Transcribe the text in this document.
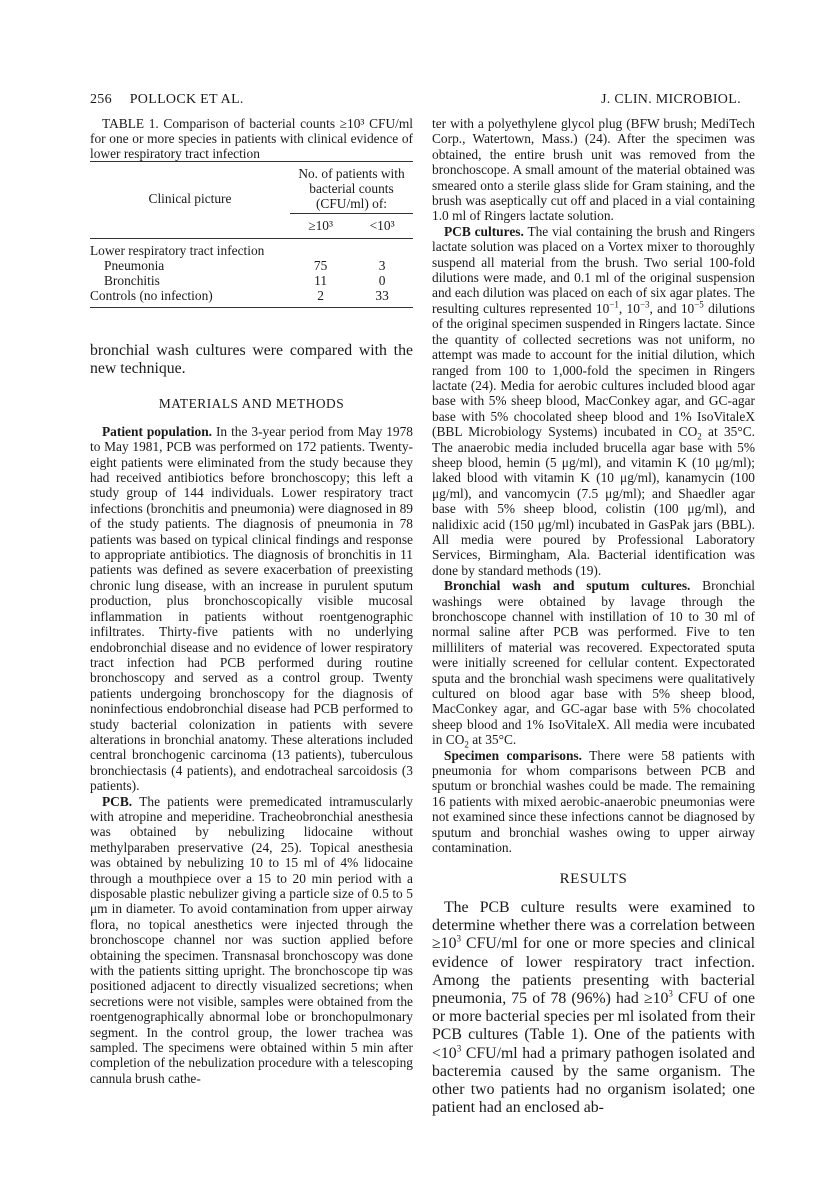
256 POLLOCK ET AL.	J. CLIN. MICROBIOL.

TABLE 1. Comparison of bacterial counts ≥10³ CFU/ml for one or more species in patients with clinical evidence of lower respiratory tract infection

Clinical picture	No. of patients with bacterial counts (CFU/ml) of:	
	≥10³	<10³

Lower respiratory tract infection		
Pneumonia	75	3
Bronchitis	11	0
Controls (no infection)	2	33

bronchial wash cultures were compared with the new technique.

MATERIALS AND METHODS

Patient population. In the 3-year period from May 1978 to May 1981, PCB was performed on 172 patients. Twenty-eight patients were eliminated from the study because they had received antibiotics before bronchoscopy; this left a study group of 144 individuals. Lower respiratory tract infections (bronchitis and pneumonia) were diagnosed in 89 of the study patients. The diagnosis of pneumonia in 78 patients was based on typical clinical findings and response to appropriate antibiotics. The diagnosis of bronchitis in 11 patients was defined as severe exacerbation of preexisting chronic lung disease, with an increase in purulent sputum production, plus bronchoscopically visible mucosal inflammation in patients without roentgenographic infiltrates. Thirty-five patients with no underlying endobronchial disease and no evidence of lower respiratory tract infection had PCB performed during routine bronchoscopy and served as a control group. Twenty patients undergoing bronchoscopy for the diagnosis of noninfectious endobronchial disease had PCB performed to study bacterial colonization in patients with severe alterations in bronchial anatomy. These alterations included central bronchogenic carcinoma (13 patients), tuberculous bronchiectasis (4 patients), and endotracheal sarcoidosis (3 patients).

PCB. The patients were premedicated intramuscularly with atropine and meperidine. Tracheobronchial anesthesia was obtained by nebulizing lidocaine without methylparaben preservative (24, 25). Topical anesthesia was obtained by nebulizing 10 to 15 ml of 4% lidocaine through a mouthpiece over a 15 to 20 min period with a disposable plastic nebulizer giving a particle size of 0.5 to 5 μm in diameter. To avoid contamination from upper airway flora, no topical anesthetics were injected through the bronchoscope channel nor was suction applied before obtaining the specimen. Transnasal bronchoscopy was done with the patients sitting upright. The bronchoscope tip was positioned adjacent to directly visualized secretions; when secretions were not visible, samples were obtained from the roentgenographically abnormal lobe or bronchopulmonary segment. In the control group, the lower trachea was sampled. The specimens were obtained within 5 min after completion of the nebulization procedure with a telescoping cannula brush cathe-

ter with a polyethylene glycol plug (BFW brush; MediTech Corp., Watertown, Mass.) (24). After the specimen was obtained, the entire brush unit was removed from the bronchoscope. A small amount of the material obtained was smeared onto a sterile glass slide for Gram staining, and the brush was aseptically cut off and placed in a vial containing 1.0 ml of Ringers lactate solution.

PCB cultures. The vial containing the brush and Ringers lactate solution was placed on a Vortex mixer to thoroughly suspend all material from the brush. Two serial 100-fold dilutions were made, and 0.1 ml of the original suspension and each dilution was placed on each of six agar plates. The resulting cultures represented $10^{-1}$, $10^{-3}$, and $10^{-5}$ dilutions of the original specimen suspended in Ringers lactate. Since the quantity of collected secretions was not uniform, no attempt was made to account for the initial dilution, which ranged from 100 to 1,000-fold the specimen in Ringers lactate (24). Media for aerobic cultures included blood agar base with 5% sheep blood, MacConkey agar, and GC-agar base with 5% chocolated sheep blood and 1% IsoVitaleX (BBL Microbiology Systems) incubated in $CO_2$ at 35°C. The anaerobic media included brucella agar base with 5% sheep blood, hemin (5 μg/ml), and vitamin K (10 μg/ml); laked blood with vitamin K (10 μg/ml), kanamycin (100 μg/ml), and vancomycin (7.5 μg/ml); and Shaedler agar base with 5% sheep blood, colistin (100 μg/ml), and nalidixic acid (150 μg/ml) incubated in GasPak jars (BBL). All media were poured by Professional Laboratory Services, Birmingham, Ala. Bacterial identification was done by standard methods (19).

Bronchial wash and sputum cultures. Bronchial washings were obtained by lavage through the bronchoscope channel with instillation of 10 to 30 ml of normal saline after PCB was performed. Five to ten milliliters of material was recovered. Expectorated sputa were initially screened for cellular content. Expectorated sputa and the bronchial wash specimens were qualitatively cultured on blood agar base with 5% sheep blood, MacConkey agar, and GC-agar base with 5% chocolated sheep blood and 1% IsoVitaleX. All media were incubated in $CO_2$ at 35°C.

Specimen comparisons. There were 58 patients with pneumonia for whom comparisons between PCB and sputum or bronchial washes could be made. The remaining 16 patients with mixed aerobic-anaerobic pneumonias were not examined since these infections cannot be diagnosed by sputum and bronchial washes owing to upper airway contamination.

RESULTS

The PCB culture results were examined to determine whether there was a correlation between $\ge 10^3$ CFU/ml for one or more species and clinical evidence of lower respiratory tract infection. Among the patients presenting with bacterial pneumonia, 75 of 78 (96%) had $\ge 10^3$ CFU of one or more bacterial species per ml isolated from their PCB cultures (Table 1). One of the patients with $<10^3$ CFU/ml had a primary pathogen isolated and bacteremia caused by the same organism. The other two patients had no organism isolated; one patient had an enclosed ab-
